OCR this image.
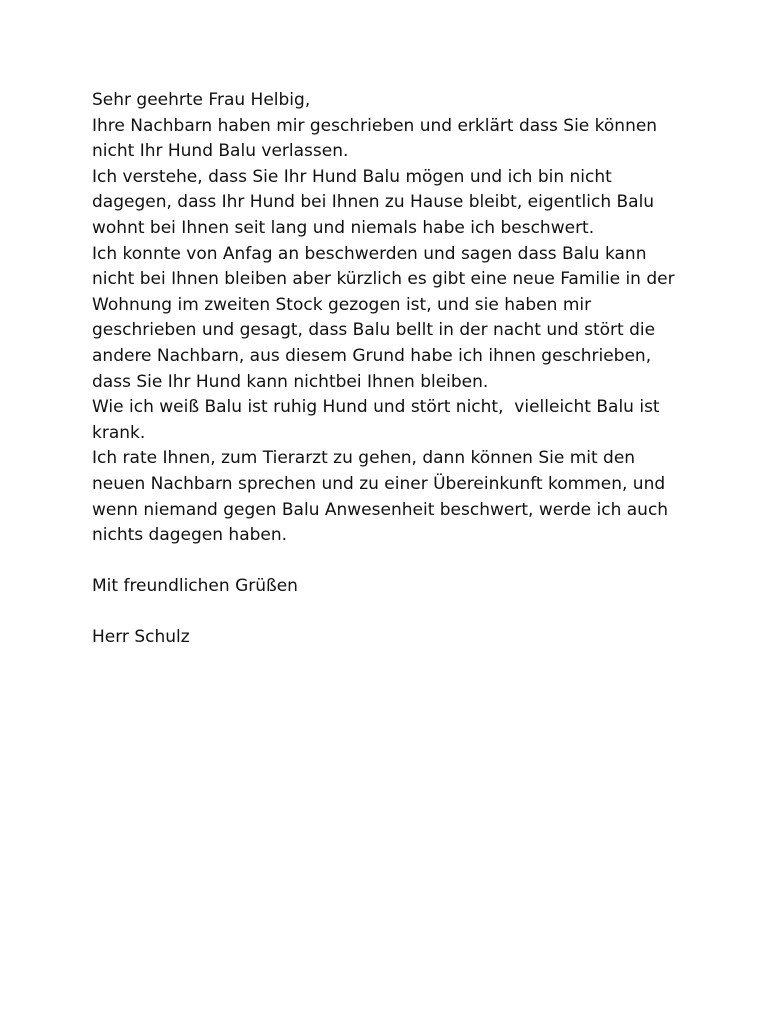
Sehr geehrte Frau Helbig,
Ihre Nachbarn haben mir geschrieben und erklärt dass Sie können
nicht Ihr Hund Balu verlassen.
Ich verstehe, dass Sie Ihr Hund Balu mögen und ich bin nicht
dagegen, dass Ihr Hund bei Ihnen zu Hause bleibt, eigentlich Balu
wohnt bei Ihnen seit lang und niemals habe ich beschwert.
Ich konnte von Anfag an beschwerden und sagen dass Balu kann
nicht bei Ihnen bleiben aber kürzlich es gibt eine neue Familie in der
Wohnung im zweiten Stock gezogen ist, und sie haben mir
geschrieben und gesagt, dass Balu bellt in der nacht und stört die
andere Nachbarn, aus diesem Grund habe ich ihnen geschrieben,
dass Sie Ihr Hund kann nichtbei Ihnen bleiben.
Wie ich weiß Balu ist ruhig Hund und stört nicht,  vielleicht Balu ist
krank.
Ich rate Ihnen, zum Tierarzt zu gehen, dann können Sie mit den
neuen Nachbarn sprechen und zu einer Übereinkunft kommen, und
wenn niemand gegen Balu Anwesenheit beschwert, werde ich auch
nichts dagegen haben.
Mit freundlichen Grüßen
Herr Schulz
